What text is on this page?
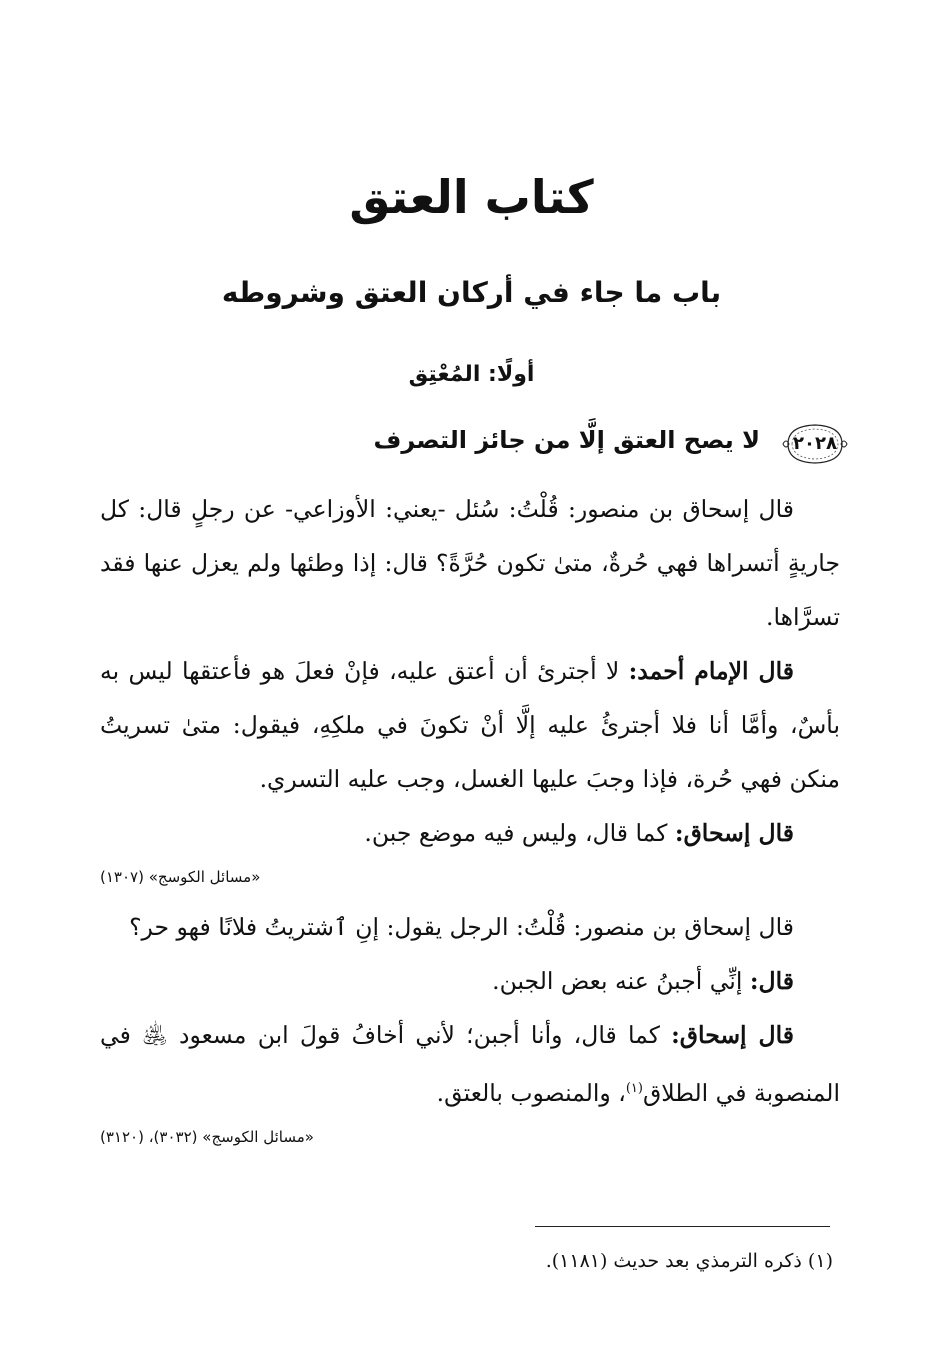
كتاب العتق
باب ما جاء في أركان العتق وشروطه
أولًا: المُعْتِق
٢٠٢٨
لا يصح العتق إلَّا من جائز التصرف

قال إسحاق بن منصور: قُلْتُ: سُئل -يعني: الأوزاعي- عن رجلٍ قال: كل جاريةٍ أتسراها فهي حُرةٌ، متىٰ تكون حُرَّةً؟ قال: إذا وطئها ولم يعزل عنها فقد تسرَّاها.

قال الإمام أحمد: لا أجترئ أن أعتق عليه، فإنْ فعلَ هو فأعتقها ليس به بأسٌ، وأمَّا أنا فلا أجترئُ عليه إلَّا أنْ تكونَ في ملكِهِ، فيقول: متىٰ تسريتُ منكن فهي حُرة، فإذا وجبَ عليها الغسل، وجب عليه التسري.

قال إسحاق: كما قال، وليس فيه موضع جبن.

«مسائل الكوسج» (١٣٠٧)

قال إسحاق بن منصور: قُلْتُ: الرجل يقول: إنِ ٱشتريتُ فلانًا فهو حر؟

قال: إنِّي أجبنُ عنه بعض الجبن.

قال إسحاق: كما قال، وأنا أجبن؛ لأني أخافُ قولَ ابن مسعود ﵁ في المنصوبة في الطلاق$^{(١)}$، والمنصوب بالعتق.

«مسائل الكوسج» (٣٠٣٢)، (٣١٢٠)
(١) ذكره الترمذي بعد حديث (١١٨١).
